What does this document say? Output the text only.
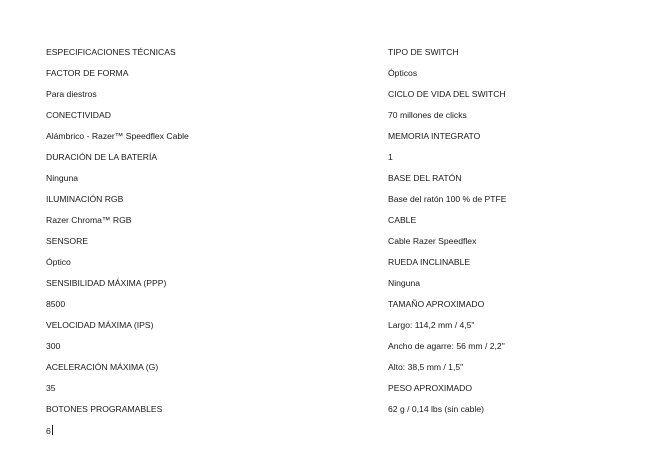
ESPECIFICACIONES TÉCNICAS
FACTOR DE FORMA
Para diestros
CONECTIVIDAD
Alámbrico - Razer™ Speedflex Cable
DURACIÓN DE LA BATERÍA
Ninguna
ILUMINACIÓN RGB
Razer Chroma™ RGB
SENSORE
Óptico
SENSIBILIDAD MÁXIMA (PPP)
8500
VELOCIDAD MÁXIMA (IPS)
300
ACELERACIÓN MÁXIMA (G)
35
BOTONES PROGRAMABLES
6
TIPO DE SWITCH
Ópticos
CICLO DE VIDA DEL SWITCH
70 millones de clicks
MEMORIA INTEGRATO
1
BASE DEL RATÓN
Base del ratón 100 % de PTFE
CABLE
Cable Razer Speedflex
RUEDA INCLINABLE
Ninguna
TAMAÑO APROXIMADO
Largo: 114,2 mm / 4,5"
Ancho de agarre: 56 mm / 2,2"
Alto: 38,5 mm / 1,5"
PESO APROXIMADO
62 g / 0,14 lbs (sin cable)
